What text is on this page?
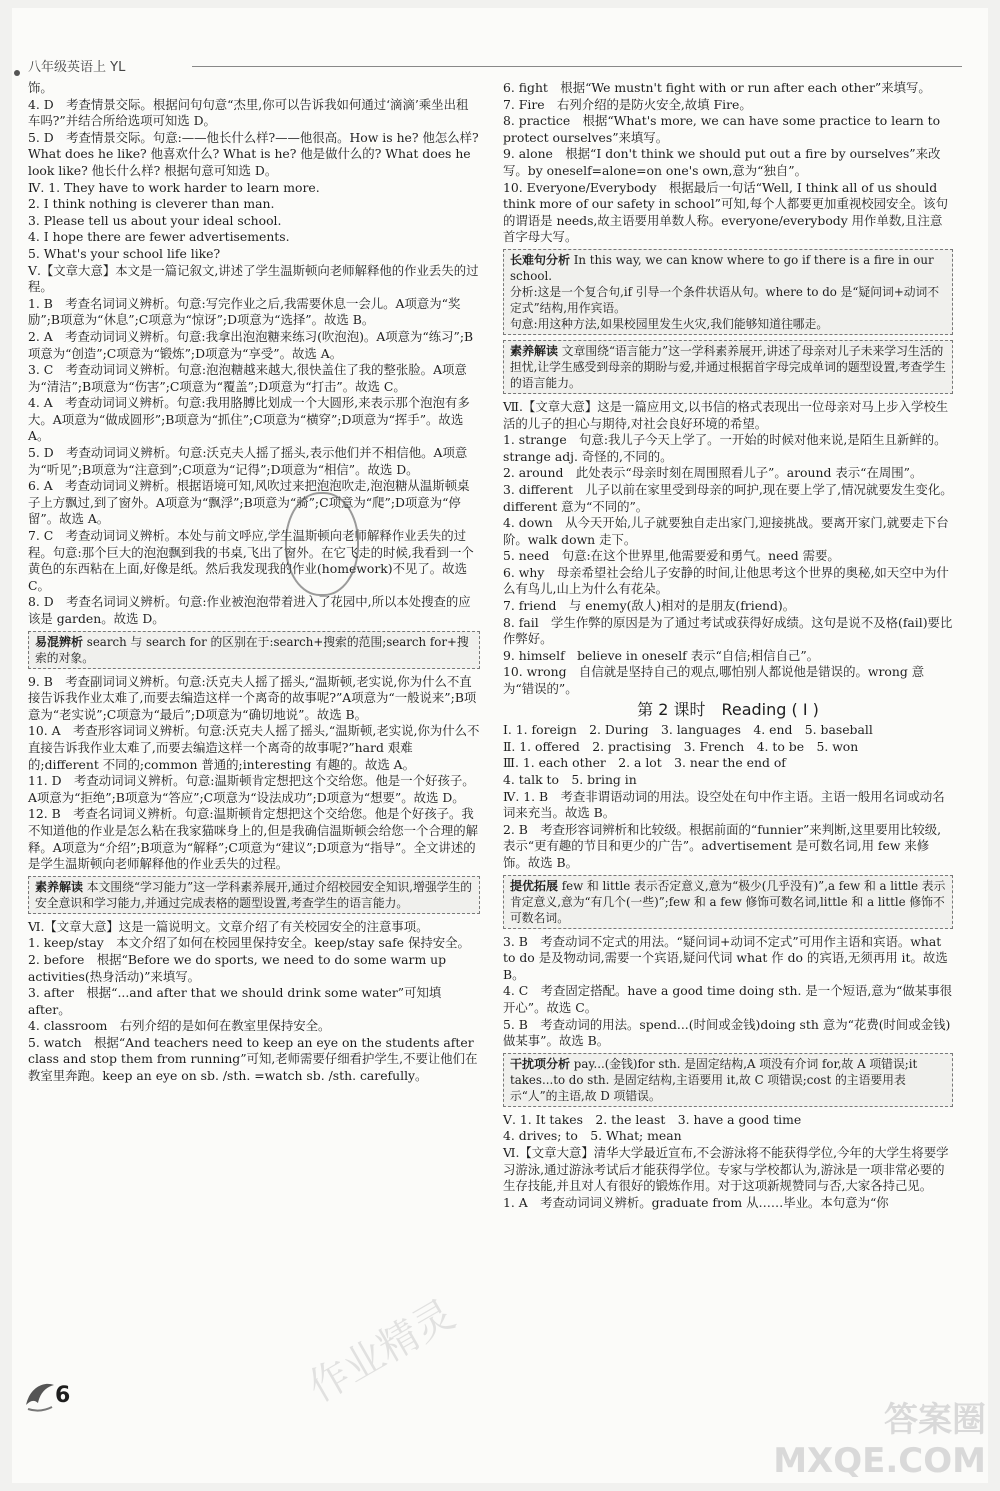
八年级英语上 YL

饰。

4. D　考查情景交际。根据问句句意“杰里,你可以告诉我如何通过‘滴滴’乘坐出租车吗?”并结合所给选项可知选 D。

5. D　考查情景交际。句意:——他长什么样?——他很高。How is he? 他怎么样? What does he like? 他喜欢什么? What is he? 他是做什么的? What does he look like? 他长什么样? 根据句意可知选 D。

Ⅳ. 1. They have to work harder to learn more.

2. I think nothing is cleverer than man.

3. Please tell us about your ideal school.

4. I hope there are fewer advertisements.

5. What's your school life like?

Ⅴ.【文章大意】本文是一篇记叙文,讲述了学生温斯顿向老师解释他的作业丢失的过程。

1. B　考查名词词义辨析。句意:写完作业之后,我需要休息一会儿。A项意为“奖励”;B项意为“休息”;C项意为“惊讶”;D项意为“选择”。故选 B。

2. A　考查动词词义辨析。句意:我拿出泡泡糖来练习(吹泡泡)。A项意为“练习”;B项意为“创造”;C项意为“锻炼”;D项意为“享受”。故选 A。

3. C　考查动词词义辨析。句意:泡泡糖越来越大,很快盖住了我的整张脸。A项意为“清洁”;B项意为“伤害”;C项意为“覆盖”;D项意为“打击”。故选 C。

4. A　考查动词词义辨析。句意:我用胳膊比划成一个大圆形,来表示那个泡泡有多大。A项意为“做成圆形”;B项意为“抓住”;C项意为“横穿”;D项意为“挥手”。故选 A。

5. D　考查动词词义辨析。句意:沃克夫人摇了摇头,表示他们并不相信他。A项意为“听见”;B项意为“注意到”;C项意为“记得”;D项意为“相信”。故选 D。

6. A　考查动词词义辨析。根据语境可知,风吹过来把泡泡吹走,泡泡糖从温斯顿桌子上方飘过,到了窗外。A项意为“飘浮”;B项意为“骑”;C项意为“爬”;D项意为“停留”。故选 A。

7. C　考查动词词义辨析。本处与前文呼应,学生温斯顿向老师解释作业丢失的过程。句意:那个巨大的泡泡飘到我的书桌,飞出了窗外。在它飞走的时候,我看到一个黄色的东西粘在上面,好像是纸。然后我发现我的作业(homework)不见了。故选 C。

8. D　考查名词词义辨析。句意:作业被泡泡带着进入了花园中,所以本处搜查的应该是 garden。故选 D。

易混辨析 search 与 search for 的区别在于:search+搜索的范围;search for+搜索的对象。

9. B　考查副词词义辨析。句意:沃克夫人摇了摇头,“温斯顿,老实说,你为什么不直接告诉我作业太难了,而要去编造这样一个离奇的故事呢?”A项意为“一般说来”;B项意为“老实说”;C项意为“最后”;D项意为“确切地说”。故选 B。

10. A　考查形容词词义辨析。句意:沃克夫人摇了摇头,“温斯顿,老实说,你为什么不直接告诉我作业太难了,而要去编造这样一个离奇的故事呢?”hard 艰难的;different 不同的;common 普通的;interesting 有趣的。故选 A。

11. D　考查动词词义辨析。句意:温斯顿肯定想把这个交给您。他是一个好孩子。A项意为“拒绝”;B项意为“答应”;C项意为“设法成功”;D项意为“想要”。故选 D。

12. B　考查名词词义辨析。句意:温斯顿肯定想把这个交给您。他是个好孩子。我不知道他的作业是怎么粘在我家猫咪身上的,但是我确信温斯顿会给您一个合理的解释。A项意为“介绍”;B项意为“解释”;C项意为“建议”;D项意为“指导”。全文讲述的是学生温斯顿向老师解释他的作业丢失的过程。

素养解读 本文围绕“学习能力”这一学科素养展开,通过介绍校园安全知识,增强学生的安全意识和学习能力,并通过完成表格的题型设置,考查学生的语言能力。

Ⅵ.【文章大意】这是一篇说明文。文章介绍了有关校园安全的注意事项。

1. keep/stay　本文介绍了如何在校园里保持安全。keep/stay safe 保持安全。

2. before　根据“Before we do sports, we need to do some warm up activities(热身活动)”来填写。

3. after　根据“...and after that we should drink some water”可知填 after。

4. classroom　右列介绍的是如何在教室里保持安全。

5. watch　根据“And teachers need to keep an eye on the students after class and stop them from running”可知,老师需要仔细看护学生,不要让他们在教室里奔跑。keep an eye on sb. /sth. =watch sb. /sth. carefully。

6. fight　根据“We mustn't fight with or run after each other”来填写。

7. Fire　右列介绍的是防火安全,故填 Fire。

8. practice　根据“What's more, we can have some practice to learn to protect ourselves”来填写。

9. alone　根据“I don't think we should put out a fire by ourselves”来改写。by oneself=alone=on one's own,意为“独自”。

10. Everyone/Everybody　根据最后一句话“Well, I think all of us should think more of our safety in school”可知,每个人都要更加重视校园安全。该句的谓语是 needs,故主语要用单数人称。everyone/everybody 用作单数,且注意首字母大写。

长难句分析 In this way, we can know where to go if there is a fire in our school.
分析:这是一个复合句,if 引导一个条件状语从句。where to do 是“疑问词+动词不定式”结构,用作宾语。
句意:用这种方法,如果校园里发生火灾,我们能够知道往哪走。
素养解读 文章围绕“语言能力”这一学科素养展开,讲述了母亲对儿子未来学习生活的担忧,让学生感受到母亲的期盼与爱,并通过根据首字母完成单词的题型设置,考查学生的语言能力。

Ⅶ.【文章大意】这是一篇应用文,以书信的格式表现出一位母亲对马上步入学校生活的儿子的担心与期待,对社会良好环境的希望。

1. strange　句意:我儿子今天上学了。一开始的时候对他来说,是陌生且新鲜的。strange adj. 奇怪的,不同的。

2. around　此处表示“母亲时刻在周围照看儿子”。around 表示“在周围”。

3. different　儿子以前在家里受到母亲的呵护,现在要上学了,情况就要发生变化。different 意为“不同的”。

4. down　从今天开始,儿子就要独自走出家门,迎接挑战。要离开家门,就要走下台阶。walk down 走下。

5. need　句意:在这个世界里,他需要爱和勇气。need 需要。

6. why　母亲希望社会给儿子安静的时间,让他思考这个世界的奥秘,如天空中为什么有鸟儿,山上为什么有花朵。

7. friend　与 enemy(敌人)相对的是朋友(friend)。

8. fail　学生作弊的原因是为了通过考试或获得好成绩。这句是说不及格(fail)要比作弊好。

9. himself　believe in oneself 表示“自信;相信自己”。

10. wrong　自信就是坚持自己的观点,哪怕别人都说他是错误的。wrong 意为“错误的”。

第 2 课时　Reading ( Ⅰ )

Ⅰ. 1. foreign　2. During　3. languages　4. end　5. baseball

Ⅱ. 1. offered　2. practising　3. French　4. to be　5. won

Ⅲ. 1. each other　2. a lot　3. near the end of

4. talk to　5. bring in

Ⅳ. 1. B　考查非谓语动词的用法。设空处在句中作主语。主语一般用名词或动名词来充当。故选 B。

2. B　考查形容词辨析和比较级。根据前面的“funnier”来判断,这里要用比较级,表示“更有趣的节目和更少的广告”。advertisement 是可数名词,用 few 来修饰。故选 B。

提优拓展 few 和 little 表示否定意义,意为“极少(几乎没有)”,a few 和 a little 表示肯定意义,意为“有几个(一些)”;few 和 a few 修饰可数名词,little 和 a little 修饰不可数名词。

3. B　考查动词不定式的用法。“疑问词+动词不定式”可用作主语和宾语。what to do 是及物动词,需要一个宾语,疑问代词 what 作 do 的宾语,无须再用 it。故选 B。

4. C　考查固定搭配。have a good time doing sth. 是一个短语,意为“做某事很开心”。故选 C。

5. B　考查动词的用法。spend...(时间或金钱)doing sth 意为“花费(时间或金钱)做某事”。故选 B。

干扰项分析 pay...(金钱)for sth. 是固定结构,A 项没有介词 for,故 A 项错误;it takes...to do sth. 是固定结构,主语要用 it,故 C 项错误;cost 的主语要用表示“人”的主语,故 D 项错误。

Ⅴ. 1. It takes　2. the least　3. have a good time

4. drives; to　5. What; mean

Ⅵ.【文章大意】清华大学最近宣布,不会游泳将不能获得学位,今年的大学生将要学习游泳,通过游泳考试后才能获得学位。专家与学校都认为,游泳是一项非常必要的生存技能,并且对人有很好的锻炼作用。对于这项新规赞同与否,大家各持己见。

1. A　考查动词词义辨析。graduate from 从……毕业。本句意为“你

作业精灵
6
答案圈
MXQE.COM
